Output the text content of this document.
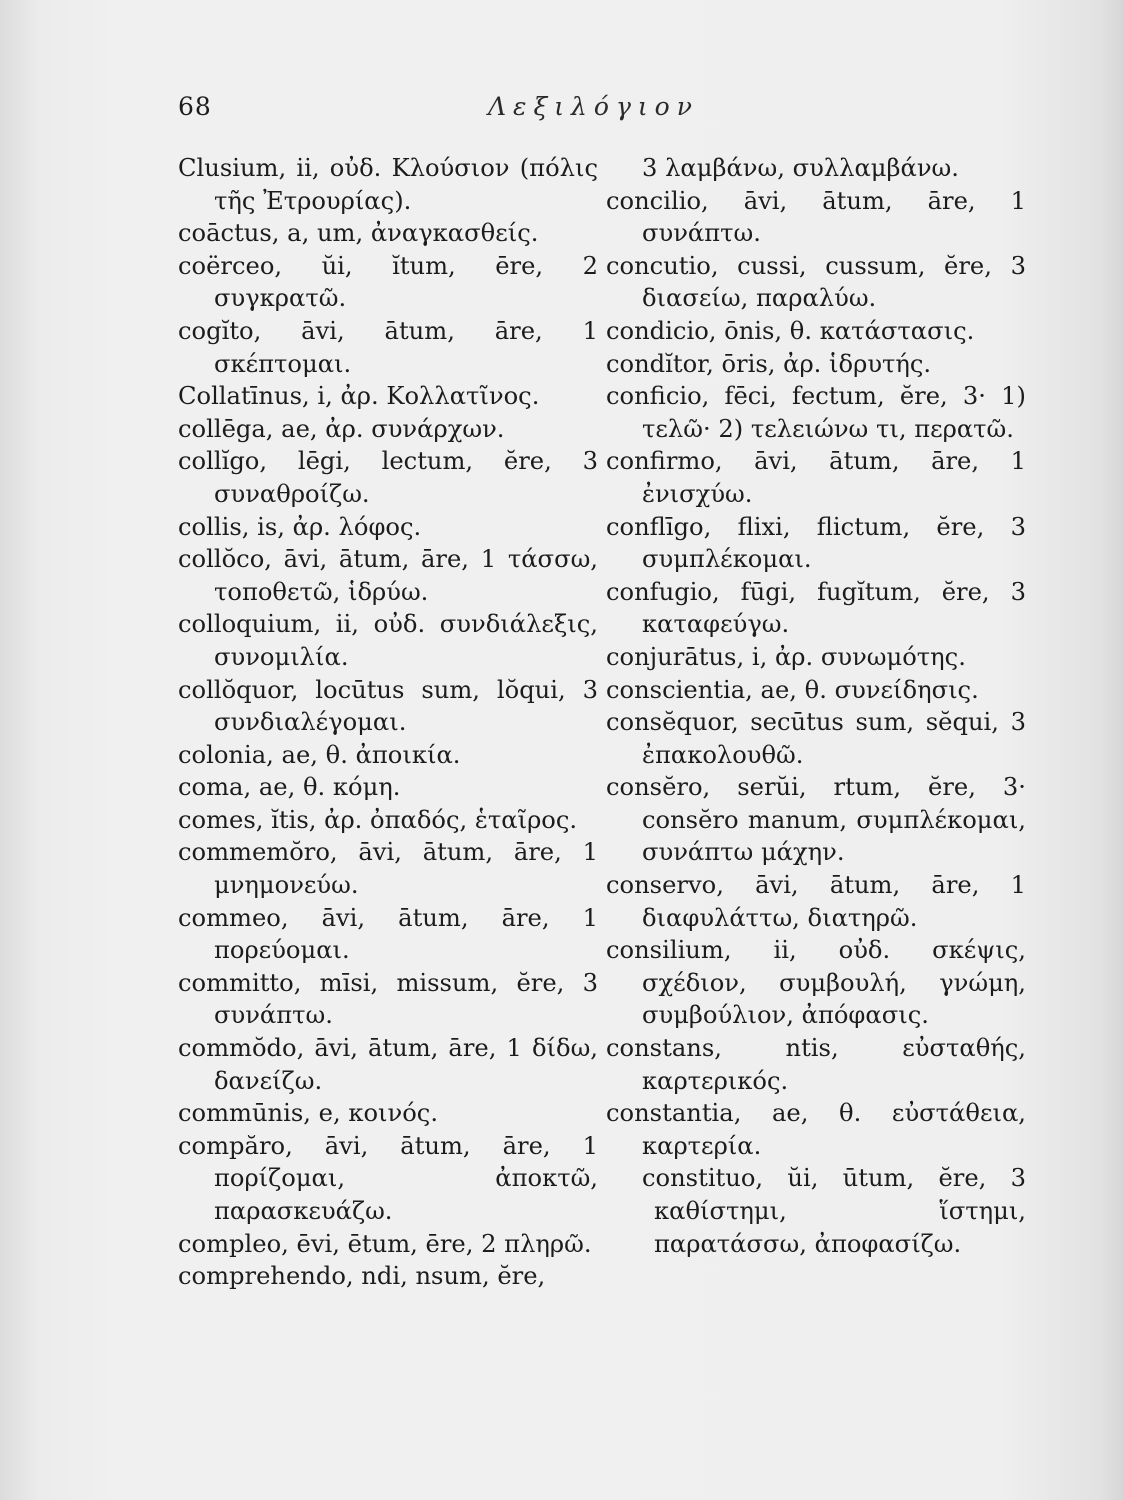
68	Λεξιλόγιον

Clusium, ii, οὐδ. Κλούσιον (πόλις τῆς Ἐτρουρίας).

coāctus, a, um, ἀναγκασθείς.

coërceo, ŭi, ĭtum, ēre, 2 συγκρατῶ.

cogĭto, āvi, ātum, āre, 1 σκέπτομαι.

Collatīnus, i, ἀρ. Κολλατῖνος.

collēga, ae, ἀρ. συνάρχων.

collĭgo, lēgi, lectum, ĕre, 3 συναθροίζω.

collis, is, ἀρ. λόφος.

collŏco, āvi, ātum, āre, 1 τάσσω, τοποθετῶ, ἱδρύω.

colloquium, ii, οὐδ. συνδιάλεξις, συνομιλία.

collŏquor, locūtus sum, lŏqui, 3 συνδιαλέγομαι.

colonia, ae, θ. ἀποικία.

coma, ae, θ. κόμη.

comes, ĭtis, ἀρ. ὀπαδός, ἑταῖρος.

commemŏro, āvi, ātum, āre, 1 μνημονεύω.

commeo, āvi, ātum, āre, 1 πορεύομαι.

committo, mīsi, missum, ĕre, 3 συνάπτω.

commŏdo, āvi, ātum, āre, 1 δίδω, δανείζω.

commūnis, e, κοινός.

compăro, āvi, ātum, āre, 1 πορίζομαι, ἀποκτῶ, παρασκευάζω.

compleo, ēvi, ētum, ēre, 2 πληρῶ.

comprehendo, ndi, nsum, ĕre,

3 λαμβάνω, συλλαμβάνω.

concilio, āvi, ātum, āre, 1 συνάπτω.

concutio, cussi, cussum, ĕre, 3 διασείω, παραλύω.

condicio, ōnis, θ. κατάστασις.

condĭtor, ōris, ἀρ. ἱδρυτής.

conficio, fēci, fectum, ĕre, 3· 1) τελῶ· 2) τελειώνω τι, περατῶ.

confirmo, āvi, ātum, āre, 1 ἐνισχύω.

conflīgo, flixi, flictum, ĕre, 3 συμπλέκομαι.

confugio, fūgi, fugĭtum, ĕre, 3 καταφεύγω.

conjurātus, i, ἀρ. συνωμότης.

conscientia, ae, θ. συνείδησις.

consĕquor, secūtus sum, sĕqui, 3 ἐπακολουθῶ.

consĕro, serŭi, rtum, ĕre, 3· consĕro manum, συμπλέκομαι, συνάπτω μάχην.

conservo, āvi, ātum, āre, 1 διαφυλάττω, διατηρῶ.

consilium, ii, οὐδ. σκέψις, σχέδιον, συμβουλή, γνώμη, συμβούλιον, ἀπόφασις.

constans, ntis, εὐσταθής, καρτερικός.

constantia, ae, θ. εὐστάθεια, καρτερία.

constituo, ŭi, ūtum, ĕre, 3 καθίστημι, ἵστημι, παρατάσσω, ἀποφασίζω.
